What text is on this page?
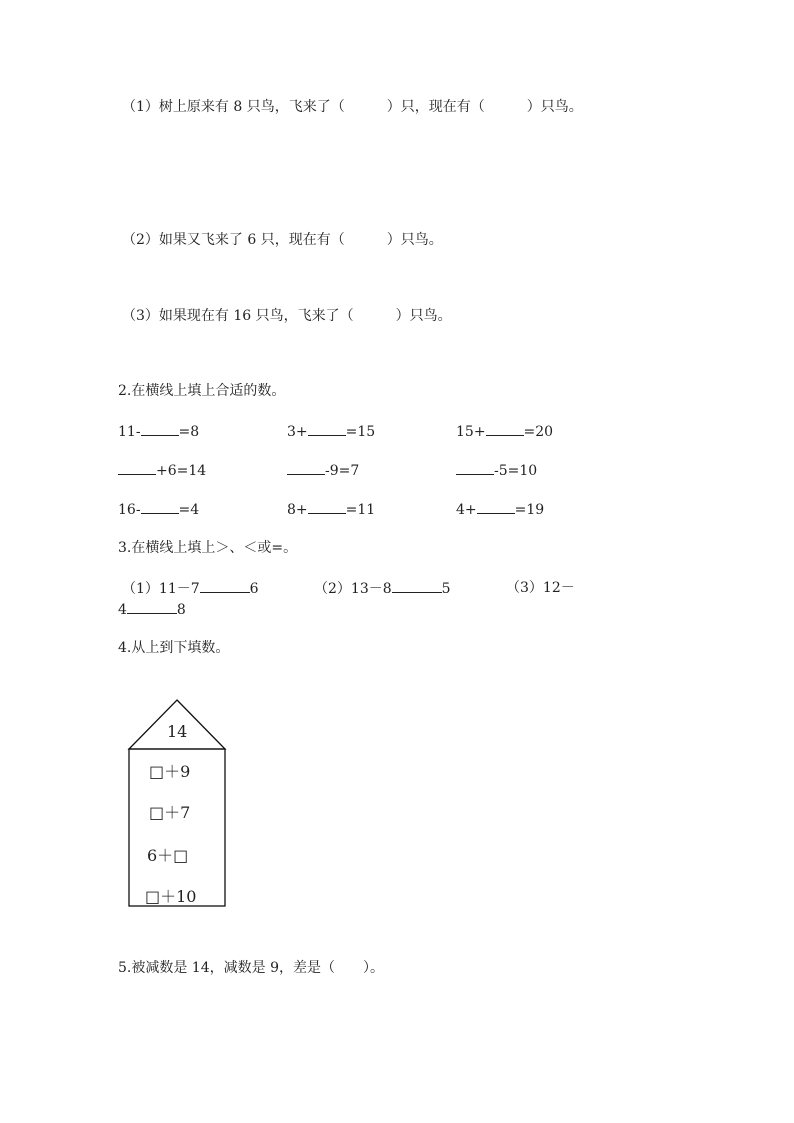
（1）树上原来有 8 只鸟，飞来了（　　　）只，现在有（　　　）只鸟。
（2）如果又飞来了 6 只，现在有（　　　）只鸟。
（3）如果现在有 16 只鸟，飞来了（　　　）只鸟。
2.在横线上填上合适的数。
11-	=8	3+	=15	15+	=20
+6=14	-9=7	-5=10
16-	=4	8+	=11	4+	=19
3.在横线上填上＞、＜或=。
（1）11－7	6	（2）13－8	5	（3）12－
4	8
4.从上到下填数。
14
□＋9
□＋7
6＋□
□＋10
5.被减数是 14，减数是 9，差是（　　）。
